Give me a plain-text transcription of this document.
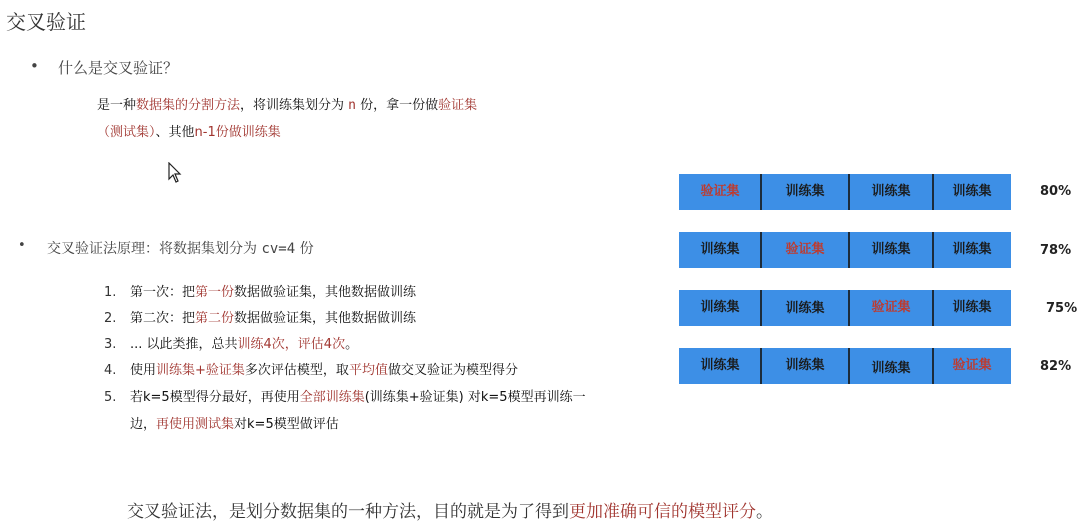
交叉验证
• 什么是交叉验证？
是一种数据集的分割方法，将训练集划分为 n 份，拿一份做验证集
（测试集）、其他n-1份做训练集
• 交叉验证法原理：将数据集划分为 cv=4 份
1. 第一次：把第一份数据做验证集，其他数据做训练
2. 第二次：把第二份数据做验证集，其他数据做训练
3. ... 以此类推，总共训练4次，评估4次。
4. 使用训练集+验证集多次评估模型，取平均值做交叉验证为模型得分
5. 若k=5模型得分最好，再使用全部训练集(训练集+验证集) 对k=5模型再训练一
边，再使用测试集对k=5模型做评估
验证集	训练集	训练集	训练集	80%
训练集	验证集	训练集	训练集	78%
训练集	训练集	验证集	训练集	75%
训练集	训练集	训练集	验证集	82%
交叉验证法，是划分数据集的一种方法，目的就是为了得到更加准确可信的模型评分。
